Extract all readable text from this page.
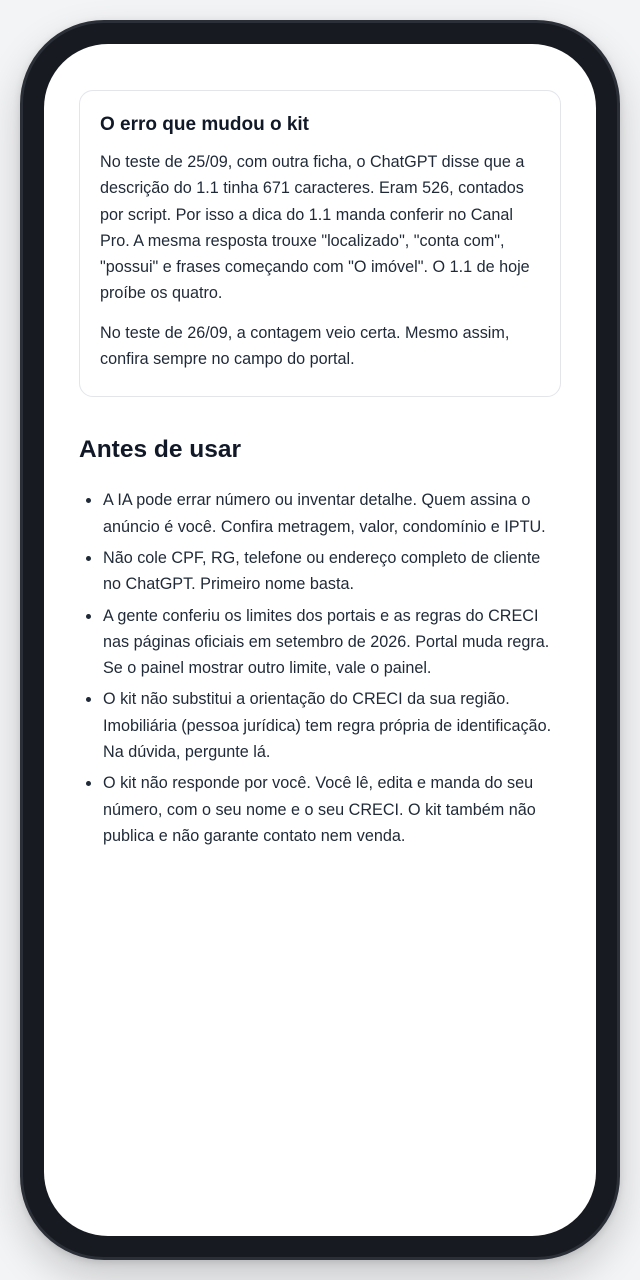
O erro que mudou o kit

No teste de 25/09, com outra ficha, o ChatGPT disse que a descrição do 1.1 tinha 671 caracteres. Eram 526, contados por script. Por isso a dica do 1.1 manda conferir no Canal Pro. A mesma resposta trouxe "localizado", "conta com", "possui" e frases começando com "O imóvel". O 1.1 de hoje proíbe os quatro.

No teste de 26/09, a contagem veio certa. Mesmo assim, confira sempre no campo do portal.

Antes de usar
A IA pode errar número ou inventar detalhe. Quem assina o anúncio é você. Confira metragem, valor, condomínio e IPTU.
Não cole CPF, RG, telefone ou endereço completo de cliente no ChatGPT. Primeiro nome basta.
A gente conferiu os limites dos portais e as regras do CRECI nas páginas oficiais em setembro de 2026. Portal muda regra. Se o painel mostrar outro limite, vale o painel.
O kit não substitui a orientação do CRECI da sua região. Imobiliária (pessoa jurídica) tem regra própria de identificação. Na dúvida, pergunte lá.
O kit não responde por você. Você lê, edita e manda do seu número, com o seu nome e o seu CRECI. O kit também não publica e não garante contato nem venda.
